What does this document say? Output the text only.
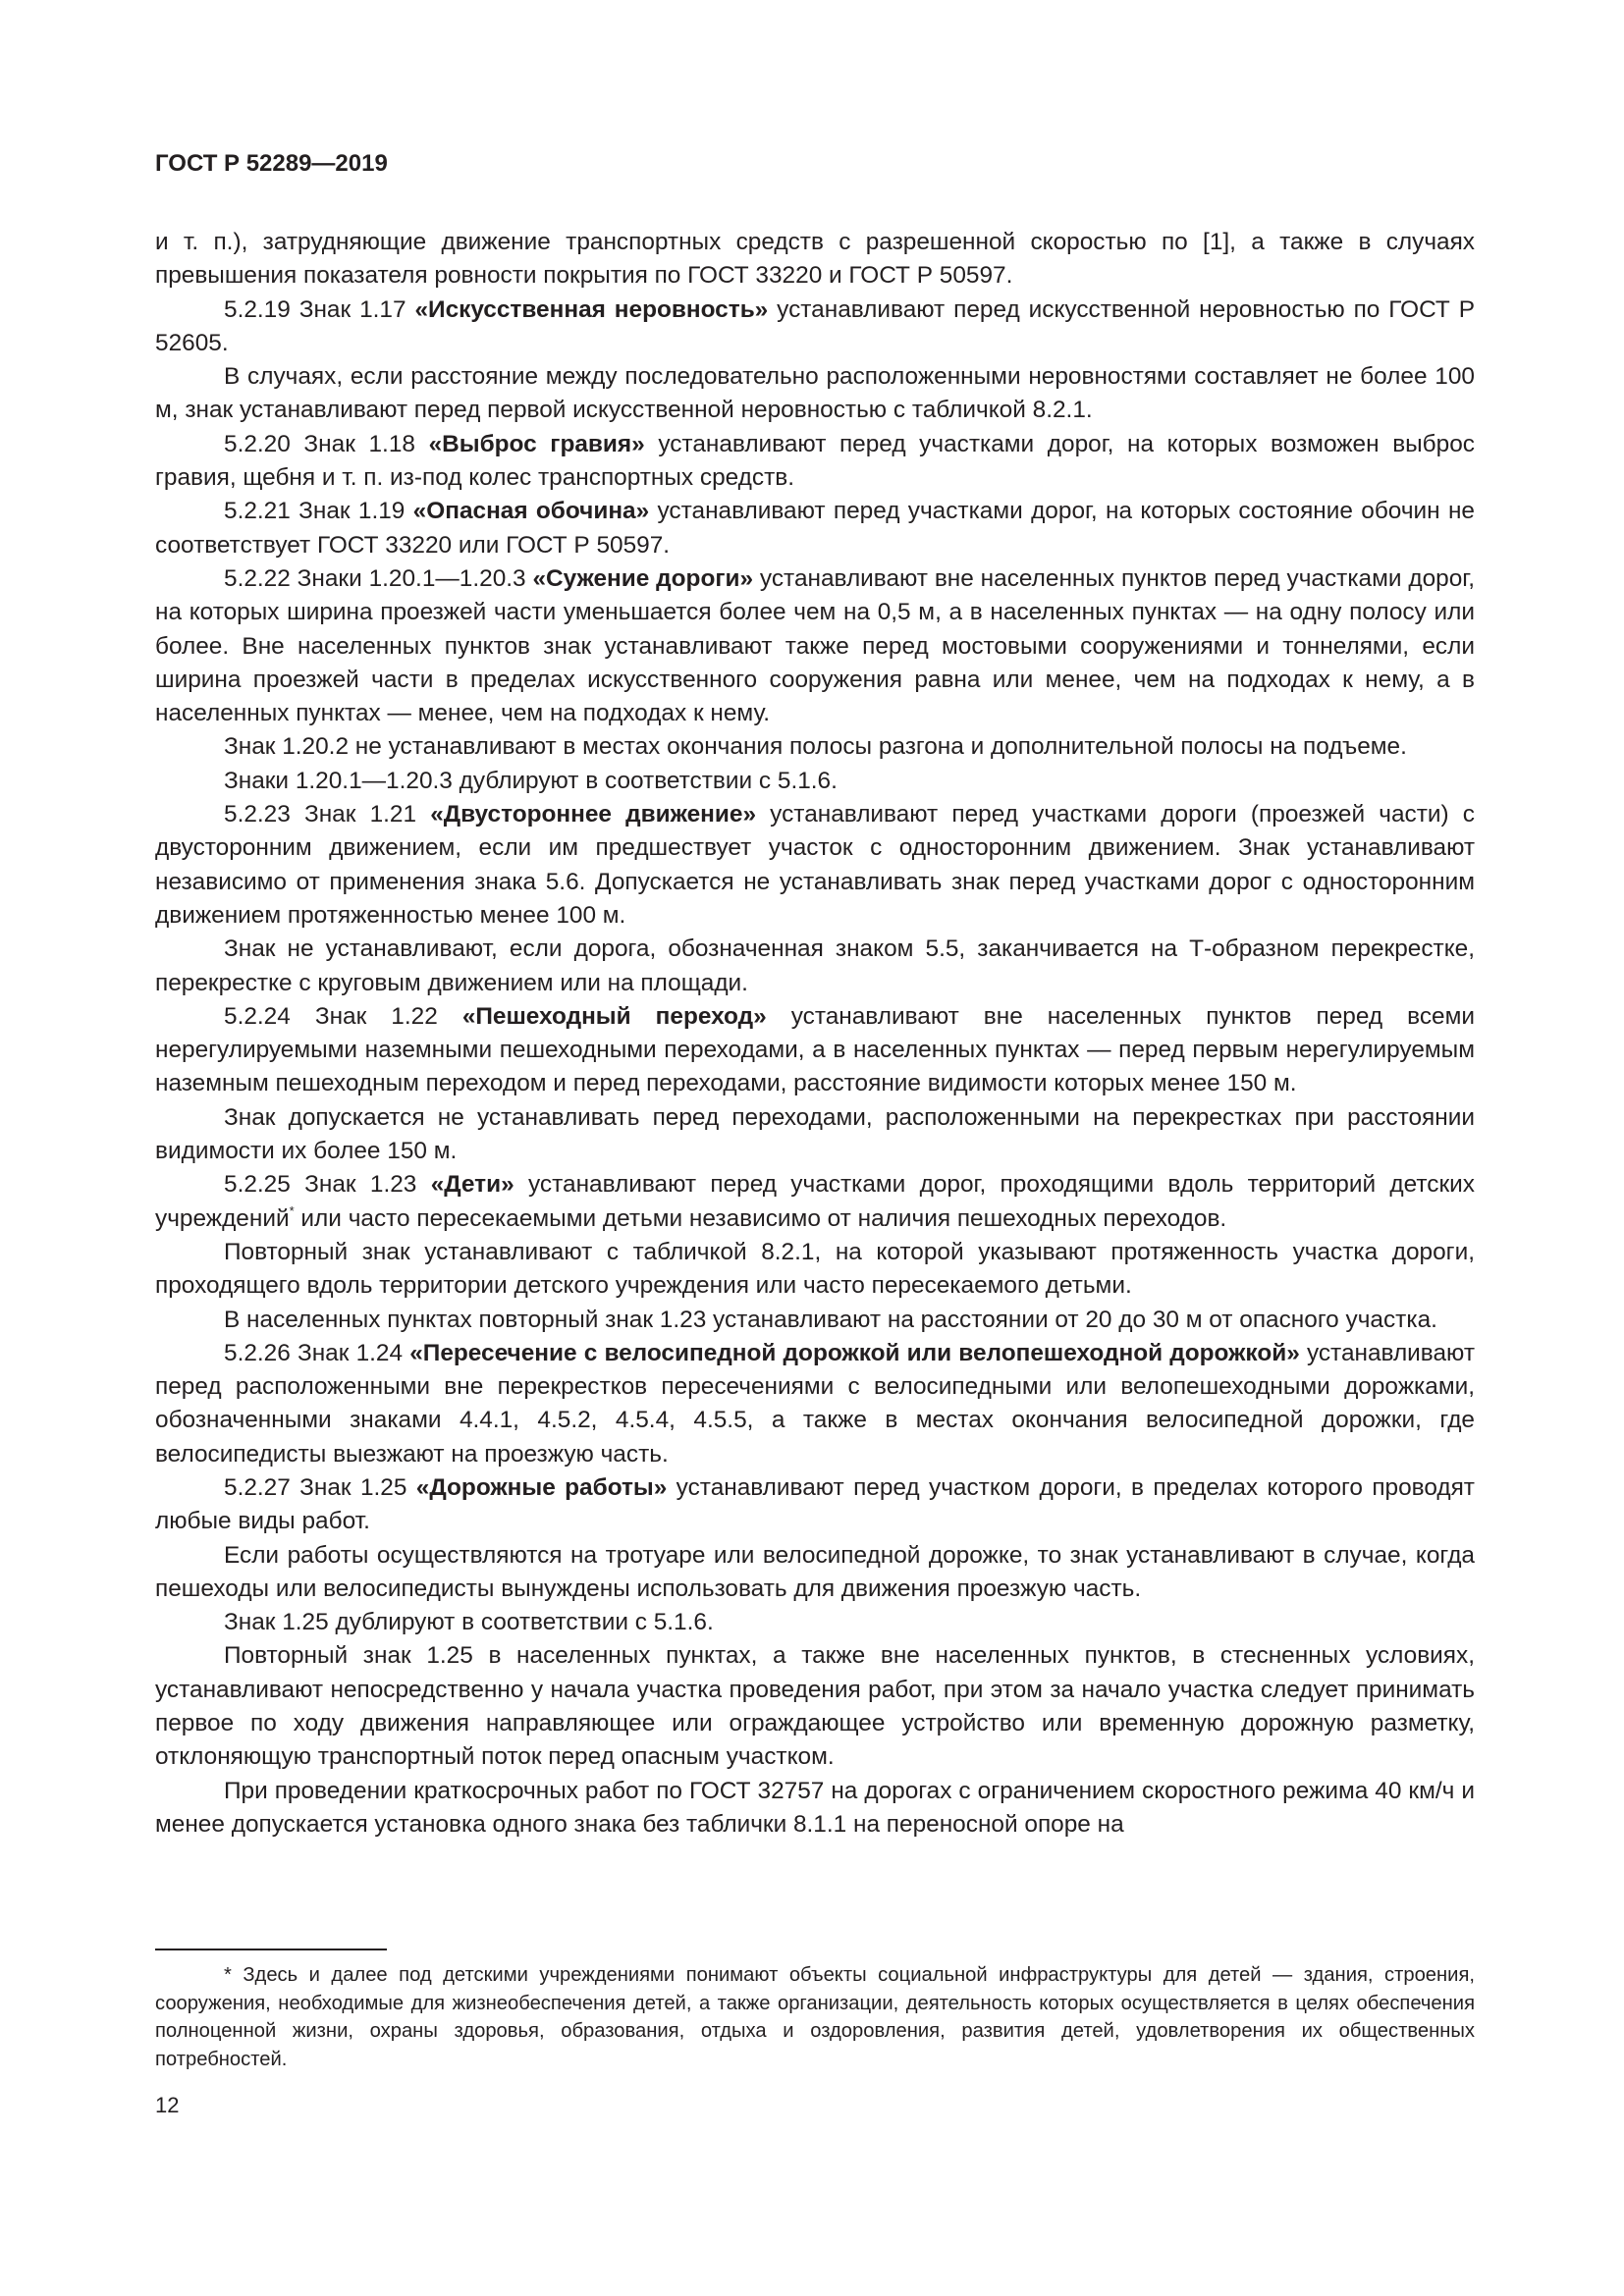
ГОСТ Р 52289—2019

и т. п.), затрудняющие движение транспортных средств с разрешенной скоростью по [1], а также в случаях превышения показателя ровности покрытия по ГОСТ 33220 и ГОСТ Р 50597.

5.2.19 Знак 1.17 «Искусственная неровность» устанавливают перед искусственной неровностью по ГОСТ Р 52605.

В случаях, если расстояние между последовательно расположенными неровностями составляет не более 100 м, знак устанавливают перед первой искусственной неровностью с табличкой 8.2.1.

5.2.20 Знак 1.18 «Выброс гравия» устанавливают перед участками дорог, на которых возможен выброс гравия, щебня и т. п. из-под колес транспортных средств.

5.2.21 Знак 1.19 «Опасная обочина» устанавливают перед участками дорог, на которых состояние обочин не соответствует ГОСТ 33220 или ГОСТ Р 50597.

5.2.22 Знаки 1.20.1—1.20.3 «Сужение дороги» устанавливают вне населенных пунктов перед участками дорог, на которых ширина проезжей части уменьшается более чем на 0,5 м, а в населенных пунктах — на одну полосу или более. Вне населенных пунктов знак устанавливают также перед мостовыми сооружениями и тоннелями, если ширина проезжей части в пределах искусственного сооружения равна или менее, чем на подходах к нему, а в населенных пунктах — менее, чем на подходах к нему.

Знак 1.20.2 не устанавливают в местах окончания полосы разгона и дополнительной полосы на подъеме.

Знаки 1.20.1—1.20.3 дублируют в соответствии с 5.1.6.

5.2.23 Знак 1.21 «Двустороннее движение» устанавливают перед участками дороги (проезжей части) с двусторонним движением, если им предшествует участок с односторонним движением. Знак устанавливают независимо от применения знака 5.6. Допускается не устанавливать знак перед участками дорог с односторонним движением протяженностью менее 100 м.

Знак не устанавливают, если дорога, обозначенная знаком 5.5, заканчивается на Т-образном перекрестке, перекрестке с круговым движением или на площади.

5.2.24 Знак 1.22 «Пешеходный переход» устанавливают вне населенных пунктов перед всеми нерегулируемыми наземными пешеходными переходами, а в населенных пунктах — перед первым нерегулируемым наземным пешеходным переходом и перед переходами, расстояние видимости которых менее 150 м.

Знак допускается не устанавливать перед переходами, расположенными на перекрестках при расстоянии видимости их более 150 м.

5.2.25 Знак 1.23 «Дети» устанавливают перед участками дорог, проходящими вдоль территорий детских учреждений* или часто пересекаемыми детьми независимо от наличия пешеходных переходов.

Повторный знак устанавливают с табличкой 8.2.1, на которой указывают протяженность участка дороги, проходящего вдоль территории детского учреждения или часто пересекаемого детьми.

В населенных пунктах повторный знак 1.23 устанавливают на расстоянии от 20 до 30 м от опасного участка.

5.2.26 Знак 1.24 «Пересечение с велосипедной дорожкой или велопешеходной дорожкой» устанавливают перед расположенными вне перекрестков пересечениями с велосипедными или велопешеходными дорожками, обозначенными знаками 4.4.1, 4.5.2, 4.5.4, 4.5.5, а также в местах окончания велосипедной дорожки, где велосипедисты выезжают на проезжую часть.

5.2.27 Знак 1.25 «Дорожные работы» устанавливают перед участком дороги, в пределах которого проводят любые виды работ.

Если работы осуществляются на тротуаре или велосипедной дорожке, то знак устанавливают в случае, когда пешеходы или велосипедисты вынуждены использовать для движения проезжую часть.

Знак 1.25 дублируют в соответствии с 5.1.6.

Повторный знак 1.25 в населенных пунктах, а также вне населенных пунктов, в стесненных условиях, устанавливают непосредственно у начала участка проведения работ, при этом за начало участка следует принимать первое по ходу движения направляющее или ограждающее устройство или временную дорожную разметку, отклоняющую транспортный поток перед опасным участком.

При проведении краткосрочных работ по ГОСТ 32757 на дорогах с ограничением скоростного режима 40 км/ч и менее допускается установка одного знака без таблички 8.1.1 на переносной опоре на

* Здесь и далее под детскими учреждениями понимают объекты социальной инфраструктуры для детей — здания, строения, сооружения, необходимые для жизнеобеспечения детей, а также организации, деятельность которых осуществляется в целях обеспечения полноценной жизни, охраны здоровья, образования, отдыха и оздоровления, развития детей, удовлетворения их общественных потребностей.

12
